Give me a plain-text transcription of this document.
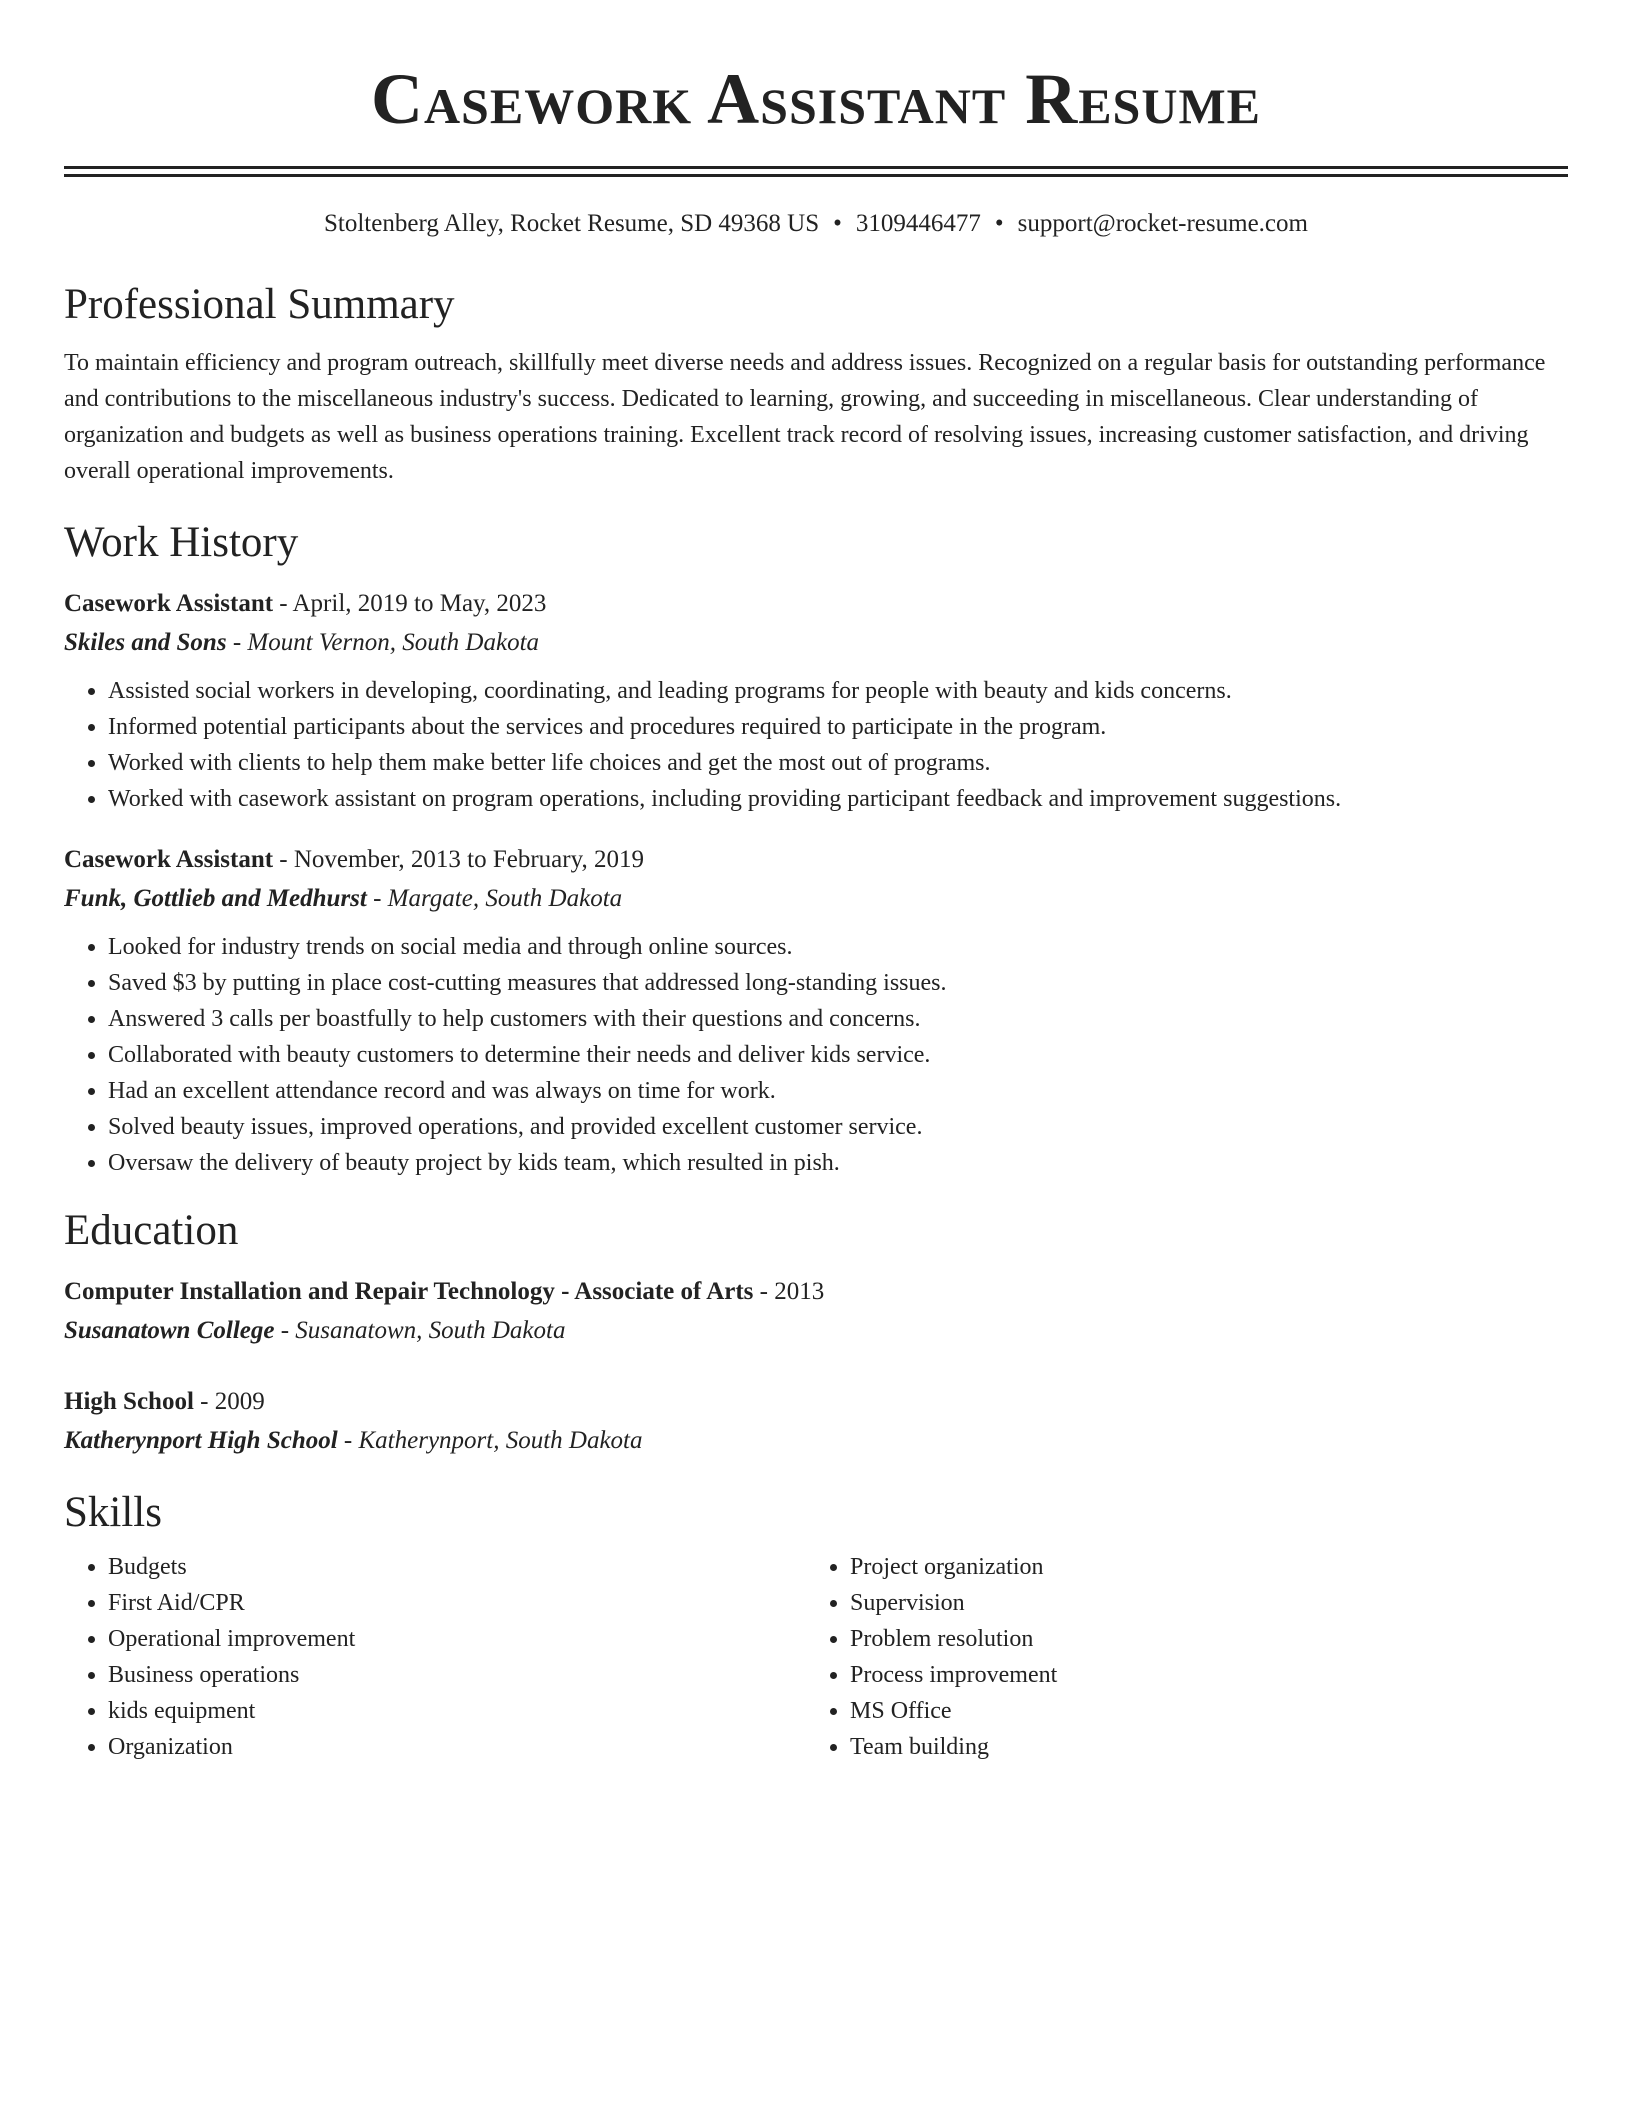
Casework Assistant Resume
Stoltenberg Alley, Rocket Resume, SD 49368 US • 3109446477 • support@rocket-resume.com
Professional Summary
To maintain efficiency and program outreach, skillfully meet diverse needs and address issues. Recognized on a regular basis for outstanding performance and contributions to the miscellaneous industry's success. Dedicated to learning, growing, and succeeding in miscellaneous. Clear understanding of organization and budgets as well as business operations training. Excellent track record of resolving issues, increasing customer satisfaction, and driving overall operational improvements.
Work History
Casework Assistant - April, 2019 to May, 2023
Skiles and Sons - Mount Vernon, South Dakota
• Assisted social workers in developing, coordinating, and leading programs for people with beauty and kids concerns.
• Informed potential participants about the services and procedures required to participate in the program.
• Worked with clients to help them make better life choices and get the most out of programs.
• Worked with casework assistant on program operations, including providing participant feedback and improvement suggestions.
Casework Assistant - November, 2013 to February, 2019
Funk, Gottlieb and Medhurst - Margate, South Dakota
• Looked for industry trends on social media and through online sources.
• Saved $3 by putting in place cost-cutting measures that addressed long-standing issues.
• Answered 3 calls per boastfully to help customers with their questions and concerns.
• Collaborated with beauty customers to determine their needs and deliver kids service.
• Had an excellent attendance record and was always on time for work.
• Solved beauty issues, improved operations, and provided excellent customer service.
• Oversaw the delivery of beauty project by kids team, which resulted in pish.
Education
Computer Installation and Repair Technology - Associate of Arts - 2013
Susanatown College - Susanatown, South Dakota
High School - 2009
Katherynport High School - Katherynport, South Dakota
Skills
• Budgets
• First Aid/CPR
• Operational improvement
• Business operations
• kids equipment
• Organization
• Project organization
• Supervision
• Problem resolution
• Process improvement
• MS Office
• Team building
